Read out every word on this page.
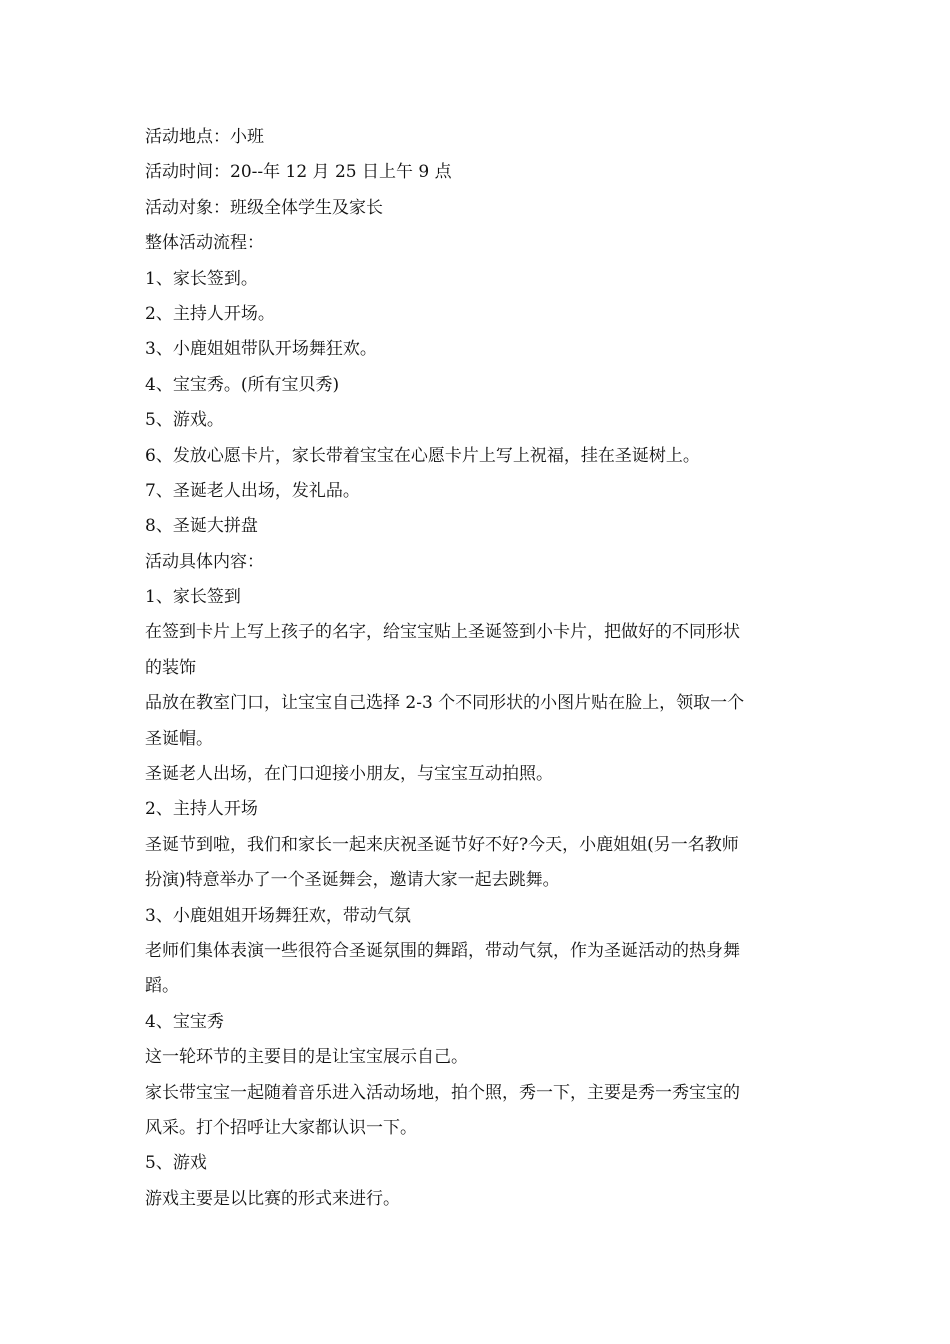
活动地点：小班
活动时间：20--年 12 月 25 日上午 9 点
活动对象：班级全体学生及家长
整体活动流程：
1、家长签到。
2、主持人开场。
3、小鹿姐姐带队开场舞狂欢。
4、宝宝秀。(所有宝贝秀)
5、游戏。
6、发放心愿卡片，家长带着宝宝在心愿卡片上写上祝福，挂在圣诞树上。
7、圣诞老人出场，发礼品。
8、圣诞大拼盘
活动具体内容：
1、家长签到
在签到卡片上写上孩子的名字，给宝宝贴上圣诞签到小卡片，把做好的不同形状
的装饰
品放在教室门口，让宝宝自己选择 2-3 个不同形状的小图片贴在脸上，领取一个
圣诞帽。
圣诞老人出场，在门口迎接小朋友，与宝宝互动拍照。
2、主持人开场
圣诞节到啦，我们和家长一起来庆祝圣诞节好不好?今天，小鹿姐姐(另一名教师
扮演)特意举办了一个圣诞舞会，邀请大家一起去跳舞。
3、小鹿姐姐开场舞狂欢，带动气氛
老师们集体表演一些很符合圣诞氛围的舞蹈，带动气氛，作为圣诞活动的热身舞
蹈。
4、宝宝秀
这一轮环节的主要目的是让宝宝展示自己。
家长带宝宝一起随着音乐进入活动场地，拍个照，秀一下，主要是秀一秀宝宝的
风采。打个招呼让大家都认识一下。
5、游戏
游戏主要是以比赛的形式来进行。
